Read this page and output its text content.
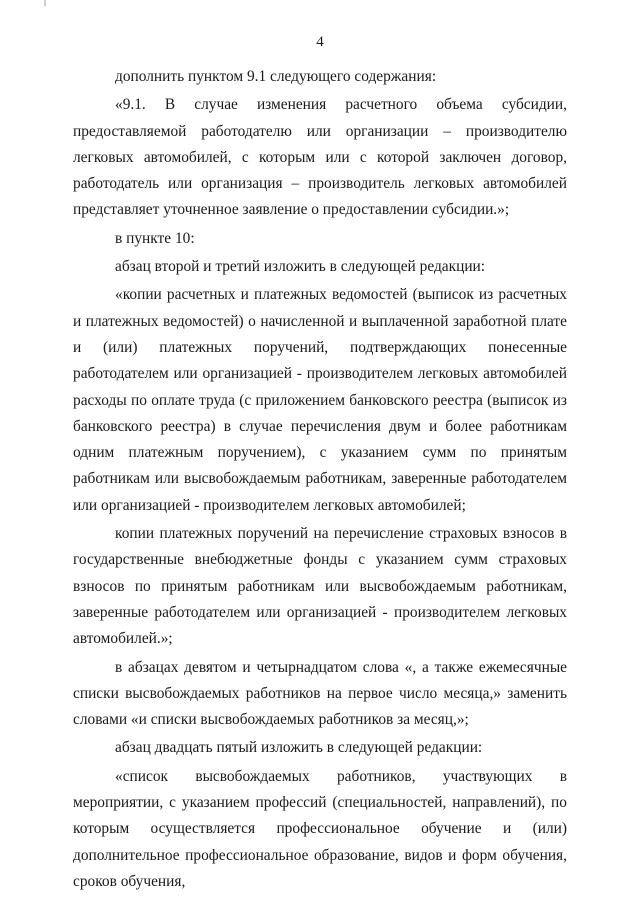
4

дополнить пунктом 9.1 следующего содержания:

«9.1. В случае изменения расчетного объема субсидии, предоставляемой работодателю или организации – производителю легковых автомобилей, с которым или с которой заключен договор, работодатель или организация – производитель легковых автомобилей представляет уточненное заявление о предоставлении субсидии.»;

в пункте 10:

абзац второй и третий изложить в следующей редакции:

«копии расчетных и платежных ведомостей (выписок из расчетных и платежных ведомостей) о начисленной и выплаченной заработной плате и (или) платежных поручений, подтверждающих понесенные работодателем или организацией - производителем легковых автомобилей расходы по оплате труда (с приложением банковского реестра (выписок из банковского реестра) в случае перечисления двум и более работникам одним платежным поручением), с указанием сумм по принятым работникам или высвобождаемым работникам, заверенные работодателем или организацией - производителем легковых автомобилей;

копии платежных поручений на перечисление страховых взносов в государственные внебюджетные фонды с указанием сумм страховых взносов по принятым работникам или высвобождаемым работникам, заверенные работодателем или организацией - производителем легковых автомобилей.»;

в абзацах девятом и четырнадцатом слова «, а также ежемесячные списки высвобождаемых работников на первое число месяца,» заменить словами «и списки высвобождаемых работников за месяц,»;

абзац двадцать пятый изложить в следующей редакции:

«список высвобождаемых работников, участвующих в мероприятии, с указанием профессий (специальностей, направлений), по которым осуществляется профессиональное обучение и (или) дополнительное профессиональное образование, видов и форм обучения, сроков обучения,
